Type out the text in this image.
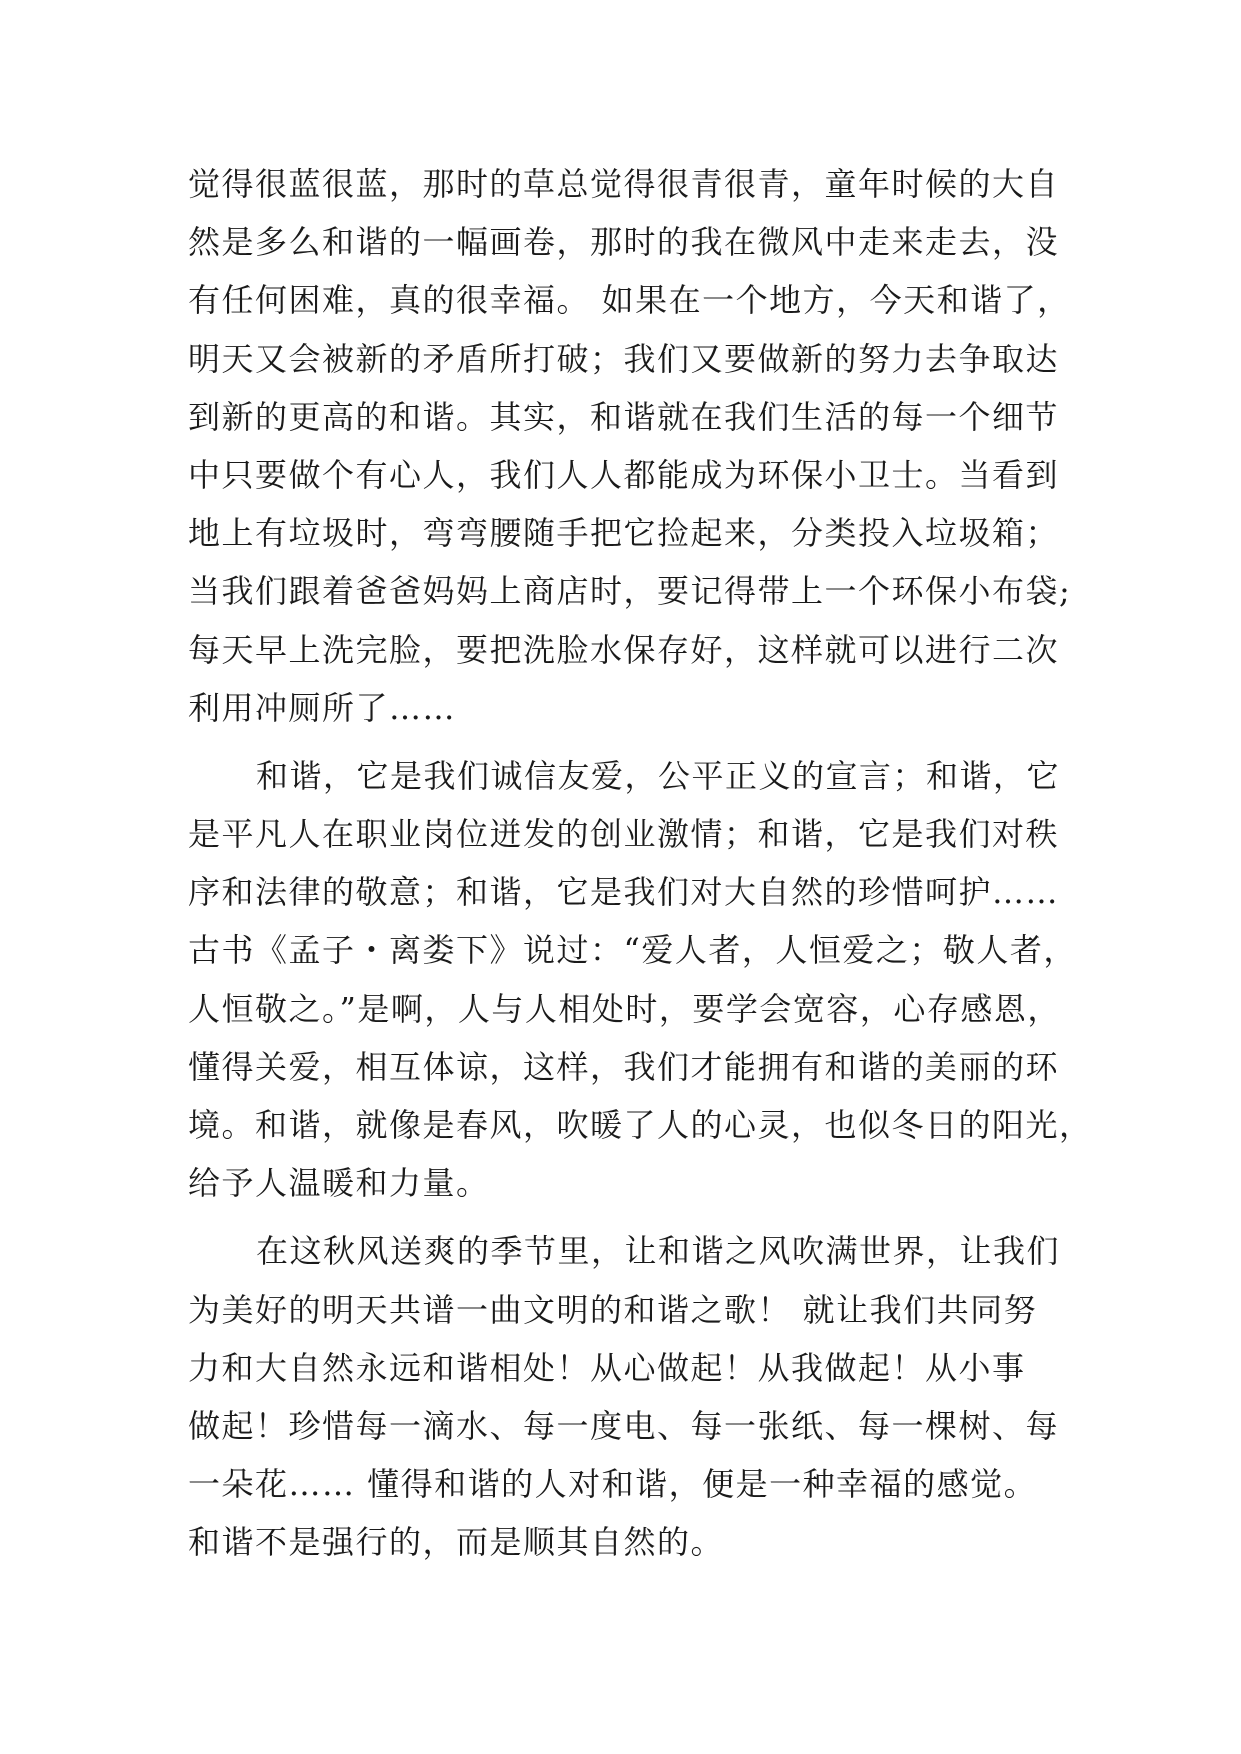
觉得很蓝很蓝，那时的草总觉得很青很青，童年时候的大自
然是多么和谐的一幅画卷，那时的我在微风中走来走去，没
有任何困难，真的很幸福。 如果在一个地方，今天和谐了，
明天又会被新的矛盾所打破；我们又要做新的努力去争取达
到新的更高的和谐。其实，和谐就在我们生活的每一个细节
中只要做个有心人，我们人人都能成为环保小卫士。当看到
地上有垃圾时，弯弯腰随手把它捡起来，分类投入垃圾箱；
当我们跟着爸爸妈妈上商店时，要记得带上一个环保小布袋;
每天早上洗完脸，要把洗脸水保存好，这样就可以进行二次
利用冲厕所了……
和谐，它是我们诚信友爱，公平正义的宣言；和谐，它
是平凡人在职业岗位迸发的创业激情；和谐，它是我们对秩
序和法律的敬意；和谐，它是我们对大自然的珍惜呵护……
古书《孟子・离娄下》说过：“爱人者，人恒爱之；敬人者，
人恒敬之。”是啊，人与人相处时，要学会宽容，心存感恩，
懂得关爱，相互体谅，这样，我们才能拥有和谐的美丽的环
境。和谐，就像是春风，吹暖了人的心灵，也似冬日的阳光，
给予人温暖和力量。
在这秋风送爽的季节里，让和谐之风吹满世界，让我们
为美好的明天共谱一曲文明的和谐之歌！ 就让我们共同努
力和大自然永远和谐相处！从心做起！从我做起！从小事
做起！珍惜每一滴水、每一度电、每一张纸、每一棵树、每
一朵花…… 懂得和谐的人对和谐，便是一种幸福的感觉。
和谐不是强行的，而是顺其自然的。
